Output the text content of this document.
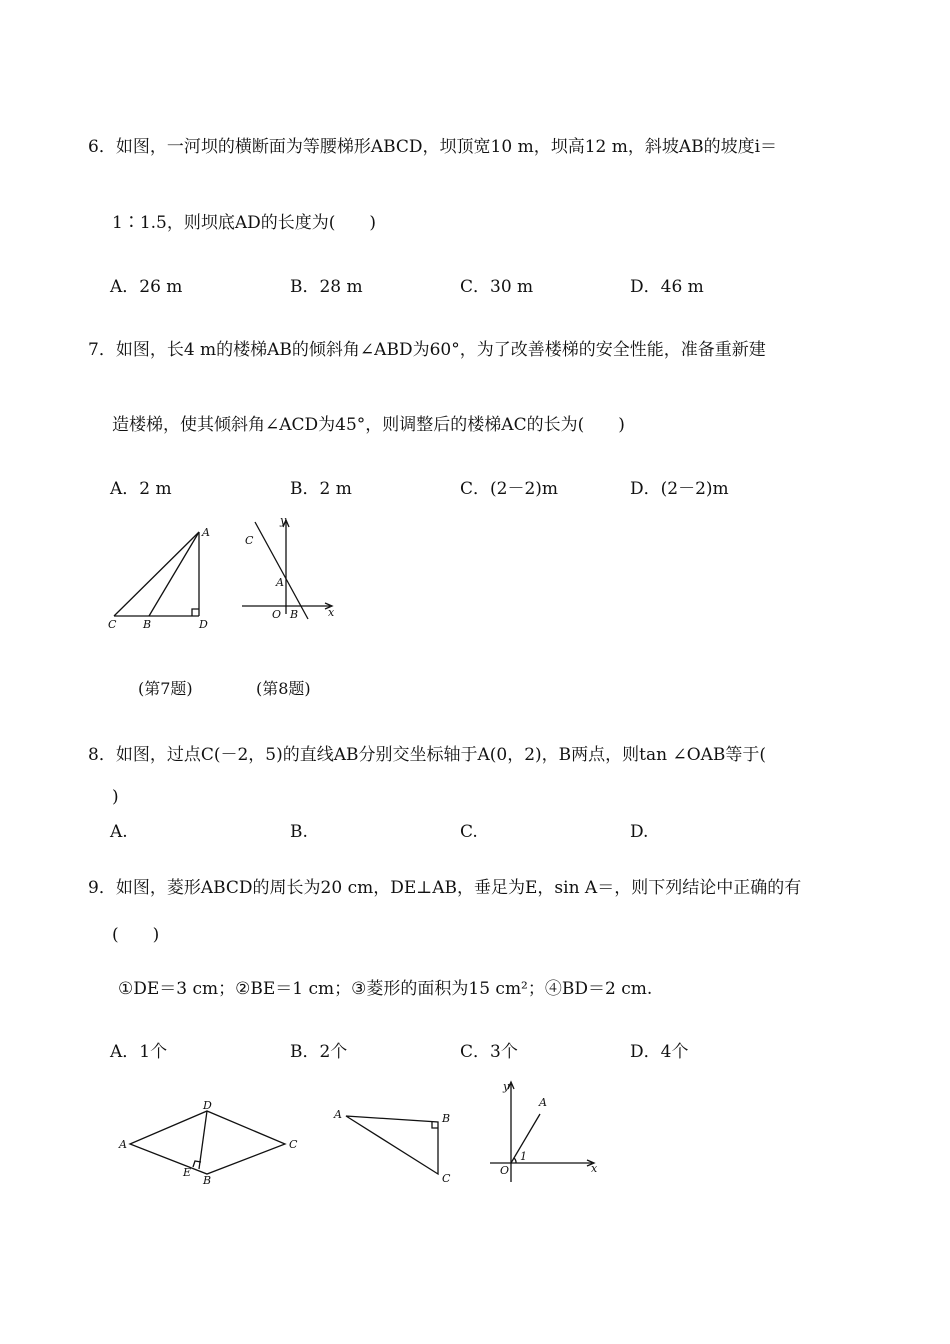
6．如图，一河坝的横断面为等腰梯形ABCD，坝顶宽10 m，坝高12 m，斜坡AB的坡度i＝
1∶1.5，则坝底AD的长度为(　　)
A．26 m	B．28 m	C．30 m	D．46 m
7．如图，长4 m的楼梯AB的倾斜角∠ABD为60°，为了改善楼梯的安全性能，准备重新建
造楼梯，使其倾斜角∠ACD为45°，则调整后的楼梯AC的长为(　　)
A．2 m	B．2 m	C．(2－2)m	D．(2－2)m
A
C B	D
y
C
A
O B	x
(第7题)	(第8题)
8．如图，过点C(－2，5)的直线AB分别交坐标轴于A(0，2)，B两点，则tan ∠OAB等于(
)
A.	B.	C.	D.
9．如图，菱形ABCD的周长为20 cm，DE⊥AB，垂足为E，sin A＝，则下列结论中正确的有
(　　)
①DE＝3 cm；②BE＝1 cm；③菱形的面积为15 cm²；④BD＝2 cm.
A．1个	B．2个	C．3个	D．4个
A
D
C
E
B
A	B
C
y
A
O
1
x
